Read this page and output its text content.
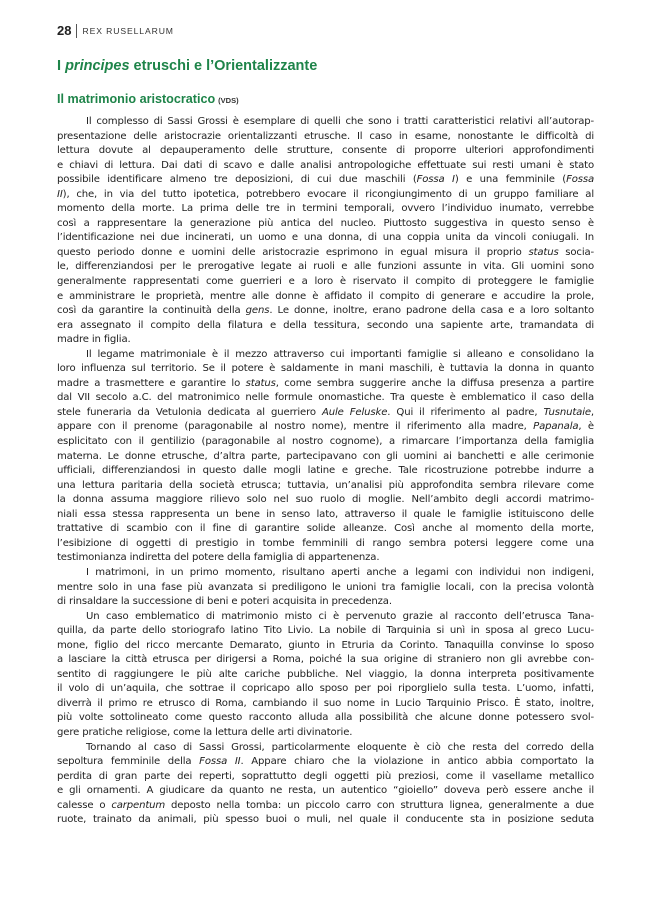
28	REX RUSELLARUM
I principes etruschi e l’Orientalizzante
Il matrimonio aristocratico (VDS)
Il complesso di Sassi Grossi è esemplare di quelli che sono i tratti caratteristici relativi all’autorap-
presentazione delle aristocrazie orientalizzanti etrusche. Il caso in esame, nonostante le difficoltà di
lettura dovute al depauperamento delle strutture, consente di proporre ulteriori approfondimenti
e chiavi di lettura. Dai dati di scavo e dalle analisi antropologiche effettuate sui resti umani è stato
possibile identificare almeno tre deposizioni, di cui due maschili (Fossa I) e una femminile (Fossa
II), che, in via del tutto ipotetica, potrebbero evocare il ricongiungimento di un gruppo familiare al
momento della morte. La prima delle tre in termini temporali, ovvero l’individuo inumato, verrebbe
così a rappresentare la generazione più antica del nucleo. Piuttosto suggestiva in questo senso è
l’identificazione nei due incinerati, un uomo e una donna, di una coppia unita da vincoli coniugali. In
questo periodo donne e uomini delle aristocrazie esprimono in egual misura il proprio status socia-
le, differenziandosi per le prerogative legate ai ruoli e alle funzioni assunte in vita. Gli uomini sono
generalmente rappresentati come guerrieri e a loro è riservato il compito di proteggere le famiglie
e amministrare le proprietà, mentre alle donne è affidato il compito di generare e accudire la prole,
così da garantire la continuità della gens. Le donne, inoltre, erano padrone della casa e a loro soltanto
era assegnato il compito della filatura e della tessitura, secondo una sapiente arte, tramandata di
madre in figlia.
Il legame matrimoniale è il mezzo attraverso cui importanti famiglie si alleano e consolidano la
loro influenza sul territorio. Se il potere è saldamente in mani maschili, è tuttavia la donna in quanto
madre a trasmettere e garantire lo status, come sembra suggerire anche la diffusa presenza a partire
dal VII secolo a.C. del matronimico nelle formule onomastiche. Tra queste è emblematico il caso della
stele funeraria da Vetulonia dedicata al guerriero Aule Feluske. Qui il riferimento al padre, Tusnutaie,
appare con il prenome (paragonabile al nostro nome), mentre il riferimento alla madre, Papanala, è
esplicitato con il gentilizio (paragonabile al nostro cognome), a rimarcare l’importanza della famiglia
materna. Le donne etrusche, d’altra parte, partecipavano con gli uomini ai banchetti e alle cerimonie
ufficiali, differenziandosi in questo dalle mogli latine e greche. Tale ricostruzione potrebbe indurre a
una lettura paritaria della società etrusca; tuttavia, un’analisi più approfondita sembra rilevare come
la donna assuma maggiore rilievo solo nel suo ruolo di moglie. Nell’ambito degli accordi matrimo-
niali essa stessa rappresenta un bene in senso lato, attraverso il quale le famiglie istituiscono delle
trattative di scambio con il fine di garantire solide alleanze. Così anche al momento della morte,
l’esibizione di oggetti di prestigio in tombe femminili di rango sembra potersi leggere come una
testimonianza indiretta del potere della famiglia di appartenenza.
I matrimoni, in un primo momento, risultano aperti anche a legami con individui non indigeni,
mentre solo in una fase più avanzata si prediligono le unioni tra famiglie locali, con la precisa volontà
di rinsaldare la successione di beni e poteri acquisita in precedenza.
Un caso emblematico di matrimonio misto ci è pervenuto grazie al racconto dell’etrusca Tana-
quilla, da parte dello storiografo latino Tito Livio. La nobile di Tarquinia si unì in sposa al greco Lucu-
mone, figlio del ricco mercante Demarato, giunto in Etruria da Corinto. Tanaquilla convinse lo sposo
a lasciare la città etrusca per dirigersi a Roma, poiché la sua origine di straniero non gli avrebbe con-
sentito di raggiungere le più alte cariche pubbliche. Nel viaggio, la donna interpreta positivamente
il volo di un’aquila, che sottrae il copricapo allo sposo per poi riporglielo sulla testa. L’uomo, infatti,
diverrà il primo re etrusco di Roma, cambiando il suo nome in Lucio Tarquinio Prisco. È stato, inoltre,
più volte sottolineato come questo racconto alluda alla possibilità che alcune donne potessero svol-
gere pratiche religiose, come la lettura delle arti divinatorie.
Tornando al caso di Sassi Grossi, particolarmente eloquente è ciò che resta del corredo della
sepoltura femminile della Fossa II. Appare chiaro che la violazione in antico abbia comportato la
perdita di gran parte dei reperti, soprattutto degli oggetti più preziosi, come il vasellame metallico
e gli ornamenti. A giudicare da quanto ne resta, un autentico “gioiello” doveva però essere anche il
calesse o carpentum deposto nella tomba: un piccolo carro con struttura lignea, generalmente a due
ruote, trainato da animali, più spesso buoi o muli, nel quale il conducente sta in posizione seduta
